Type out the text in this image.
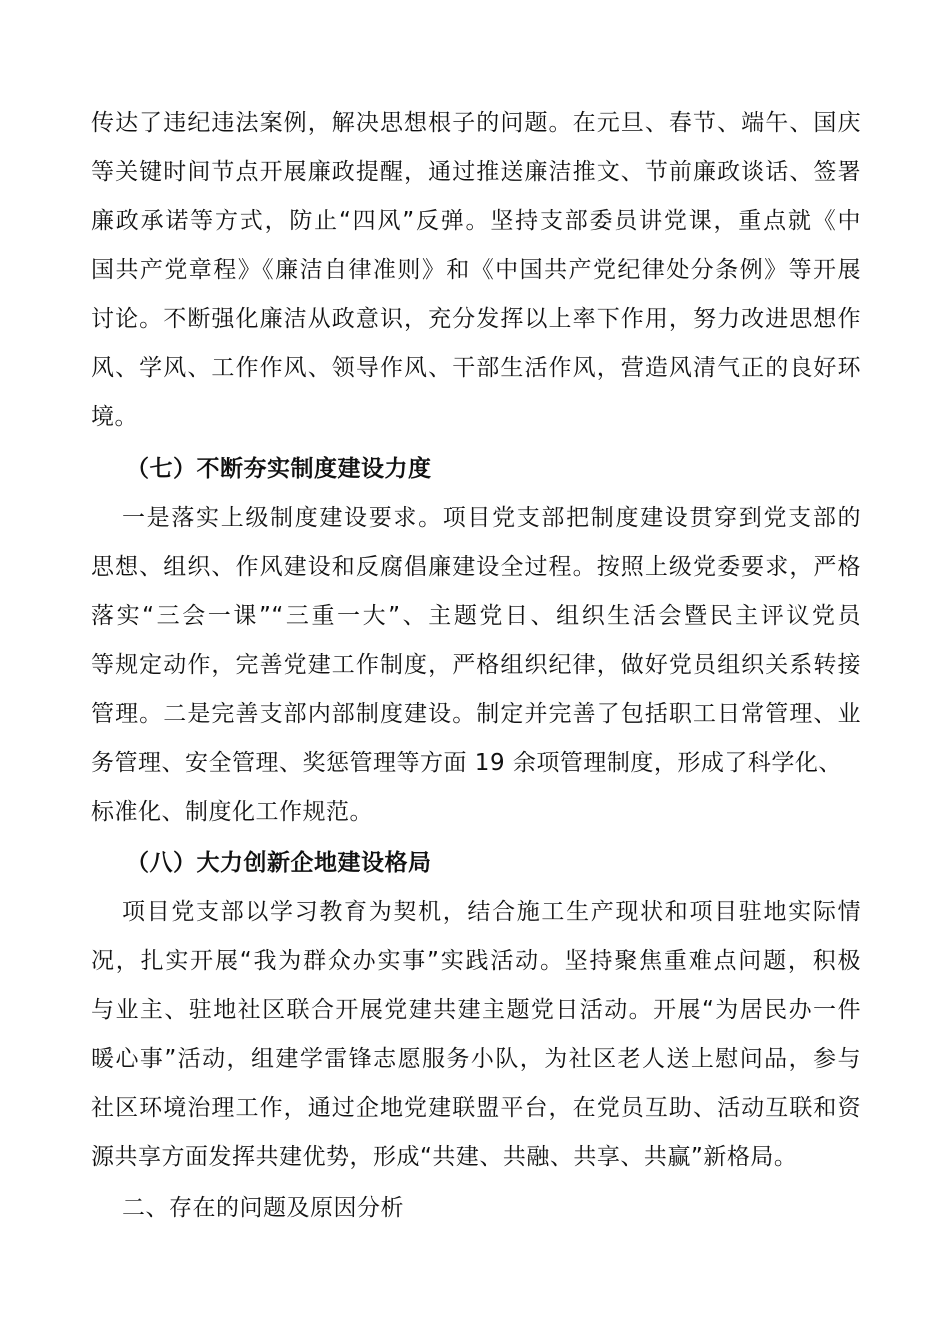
传达了违纪违法案例，解决思想根子的问题。在元旦、春节、端午、国庆
等关键时间节点开展廉政提醒，通过推送廉洁推文、节前廉政谈话、签署
廉政承诺等方式，防止“四风”反弹。坚持支部委员讲党课，重点就《中
国共产党章程》《廉洁自律准则》和《中国共产党纪律处分条例》等开展
讨论。不断强化廉洁从政意识，充分发挥以上率下作用，努力改进思想作
风、学风、工作作风、领导作风、干部生活作风，营造风清气正的良好环
境。
（七）不断夯实制度建设力度
一是落实上级制度建设要求。项目党支部把制度建设贯穿到党支部的
思想、组织、作风建设和反腐倡廉建设全过程。按照上级党委要求，严格
落实“三会一课”“三重一大”、主题党日、组织生活会暨民主评议党员
等规定动作，完善党建工作制度，严格组织纪律，做好党员组织关系转接
管理。二是完善支部内部制度建设。制定并完善了包括职工日常管理、业
务管理、安全管理、奖惩管理等方面 19 余项管理制度，形成了科学化、
标准化、制度化工作规范。
（八）大力创新企地建设格局
项目党支部以学习教育为契机，结合施工生产现状和项目驻地实际情
况，扎实开展“我为群众办实事”实践活动。坚持聚焦重难点问题，积极
与业主、驻地社区联合开展党建共建主题党日活动。开展“为居民办一件
暖心事”活动，组建学雷锋志愿服务小队，为社区老人送上慰问品，参与
社区环境治理工作，通过企地党建联盟平台，在党员互助、活动互联和资
源共享方面发挥共建优势，形成“共建、共融、共享、共赢”新格局。
二、存在的问题及原因分析
